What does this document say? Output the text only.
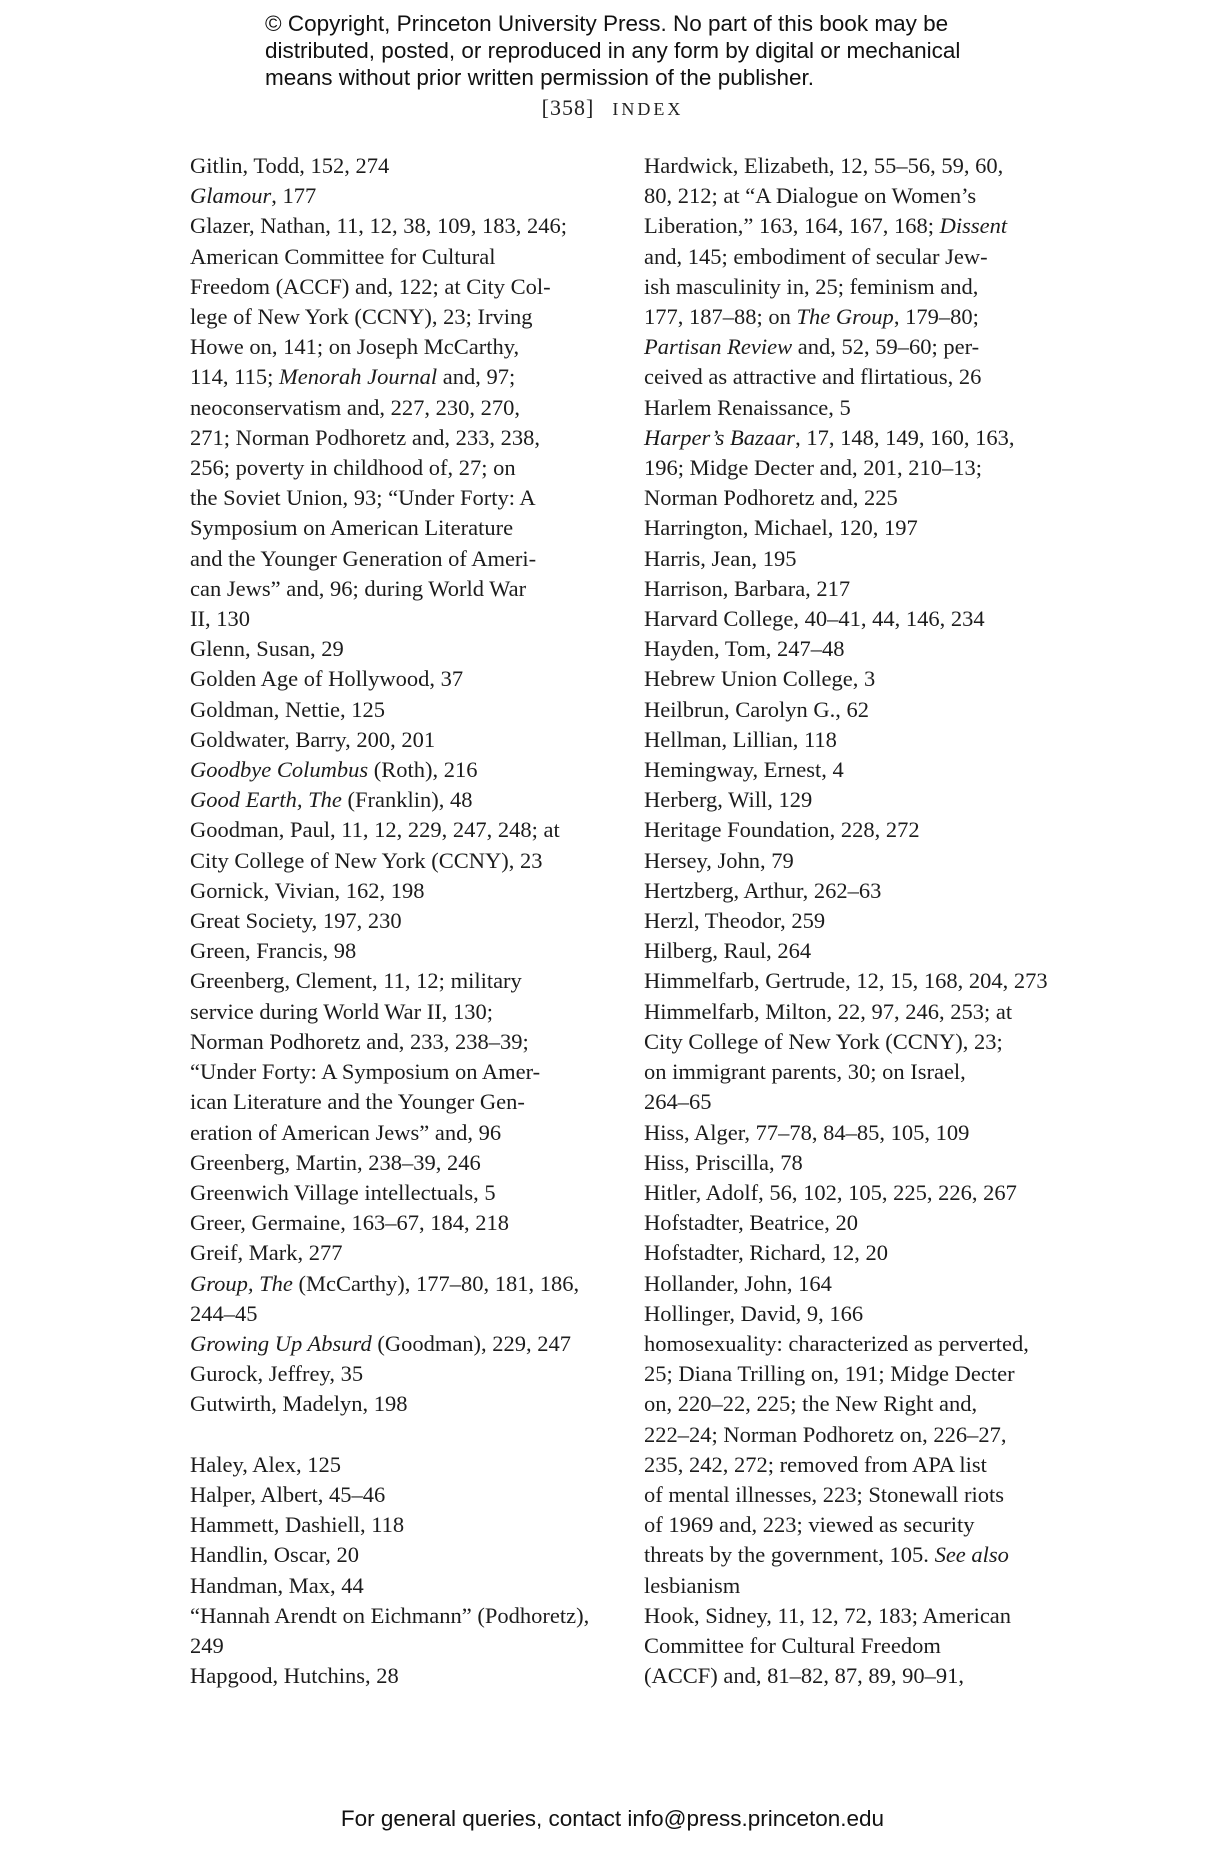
© Copyright, Princeton University Press. No part of this book may be
distributed, posted, or reproduced in any form by digital or mechanical
means without prior written permission of the publisher.
[358] INDEX
Gitlin, Todd, 152, 274
Glamour, 177
Glazer, Nathan, 11, 12, 38, 109, 183, 246;
American Committee for Cultural
Freedom (ACCF) and, 122; at City Col-
lege of New York (CCNY), 23; Irving
Howe on, 141; on Joseph McCarthy,
114, 115; Menorah Journal and, 97;
neoconservatism and, 227, 230, 270,
271; Norman Podhoretz and, 233, 238,
256; poverty in childhood of, 27; on
the Soviet Union, 93; “Under Forty: A
Symposium on American Literature
and the Younger Generation of Ameri-
can Jews” and, 96; during World War
II, 130
Glenn, Susan, 29
Golden Age of Hollywood, 37
Goldman, Nettie, 125
Goldwater, Barry, 200, 201
Goodbye Columbus (Roth), 216
Good Earth, The (Franklin), 48
Goodman, Paul, 11, 12, 229, 247, 248; at
City College of New York (CCNY), 23
Gornick, Vivian, 162, 198
Great Society, 197, 230
Green, Francis, 98
Greenberg, Clement, 11, 12; military
service during World War II, 130;
Norman Podhoretz and, 233, 238–39;
“Under Forty: A Symposium on Amer-
ican Literature and the Younger Gen-
eration of American Jews” and, 96
Greenberg, Martin, 238–39, 246
Greenwich Village intellectuals, 5
Greer, Germaine, 163–67, 184, 218
Greif, Mark, 277
Group, The (McCarthy), 177–80, 181, 186,
244–45
Growing Up Absurd (Goodman), 229, 247
Gurock, Jeffrey, 35
Gutwirth, Madelyn, 198
Haley, Alex, 125
Halper, Albert, 45–46
Hammett, Dashiell, 118
Handlin, Oscar, 20
Handman, Max, 44
“Hannah Arendt on Eichmann” (Podhoretz),
249
Hapgood, Hutchins, 28
Hardwick, Elizabeth, 12, 55–56, 59, 60,
80, 212; at “A Dialogue on Women’s
Liberation,” 163, 164, 167, 168; Dissent
and, 145; embodiment of secular Jew-
ish masculinity in, 25; feminism and,
177, 187–88; on The Group, 179–80;
Partisan Review and, 52, 59–60; per-
ceived as attractive and flirtatious, 26
Harlem Renaissance, 5
Harper’s Bazaar, 17, 148, 149, 160, 163,
196; Midge Decter and, 201, 210–13;
Norman Podhoretz and, 225
Harrington, Michael, 120, 197
Harris, Jean, 195
Harrison, Barbara, 217
Harvard College, 40–41, 44, 146, 234
Hayden, Tom, 247–48
Hebrew Union College, 3
Heilbrun, Carolyn G., 62
Hellman, Lillian, 118
Hemingway, Ernest, 4
Herberg, Will, 129
Heritage Foundation, 228, 272
Hersey, John, 79
Hertzberg, Arthur, 262–63
Herzl, Theodor, 259
Hilberg, Raul, 264
Himmelfarb, Gertrude, 12, 15, 168, 204, 273
Himmelfarb, Milton, 22, 97, 246, 253; at
City College of New York (CCNY), 23;
on immigrant parents, 30; on Israel,
264–65
Hiss, Alger, 77–78, 84–85, 105, 109
Hiss, Priscilla, 78
Hitler, Adolf, 56, 102, 105, 225, 226, 267
Hofstadter, Beatrice, 20
Hofstadter, Richard, 12, 20
Hollander, John, 164
Hollinger, David, 9, 166
homosexuality: characterized as perverted,
25; Diana Trilling on, 191; Midge Decter
on, 220–22, 225; the New Right and,
222–24; Norman Podhoretz on, 226–27,
235, 242, 272; removed from APA list
of mental illnesses, 223; Stonewall riots
of 1969 and, 223; viewed as security
threats by the government, 105. See also
lesbianism
Hook, Sidney, 11, 12, 72, 183; American
Committee for Cultural Freedom
(ACCF) and, 81–82, 87, 89, 90–91,
For general queries, contact info@press.princeton.edu
